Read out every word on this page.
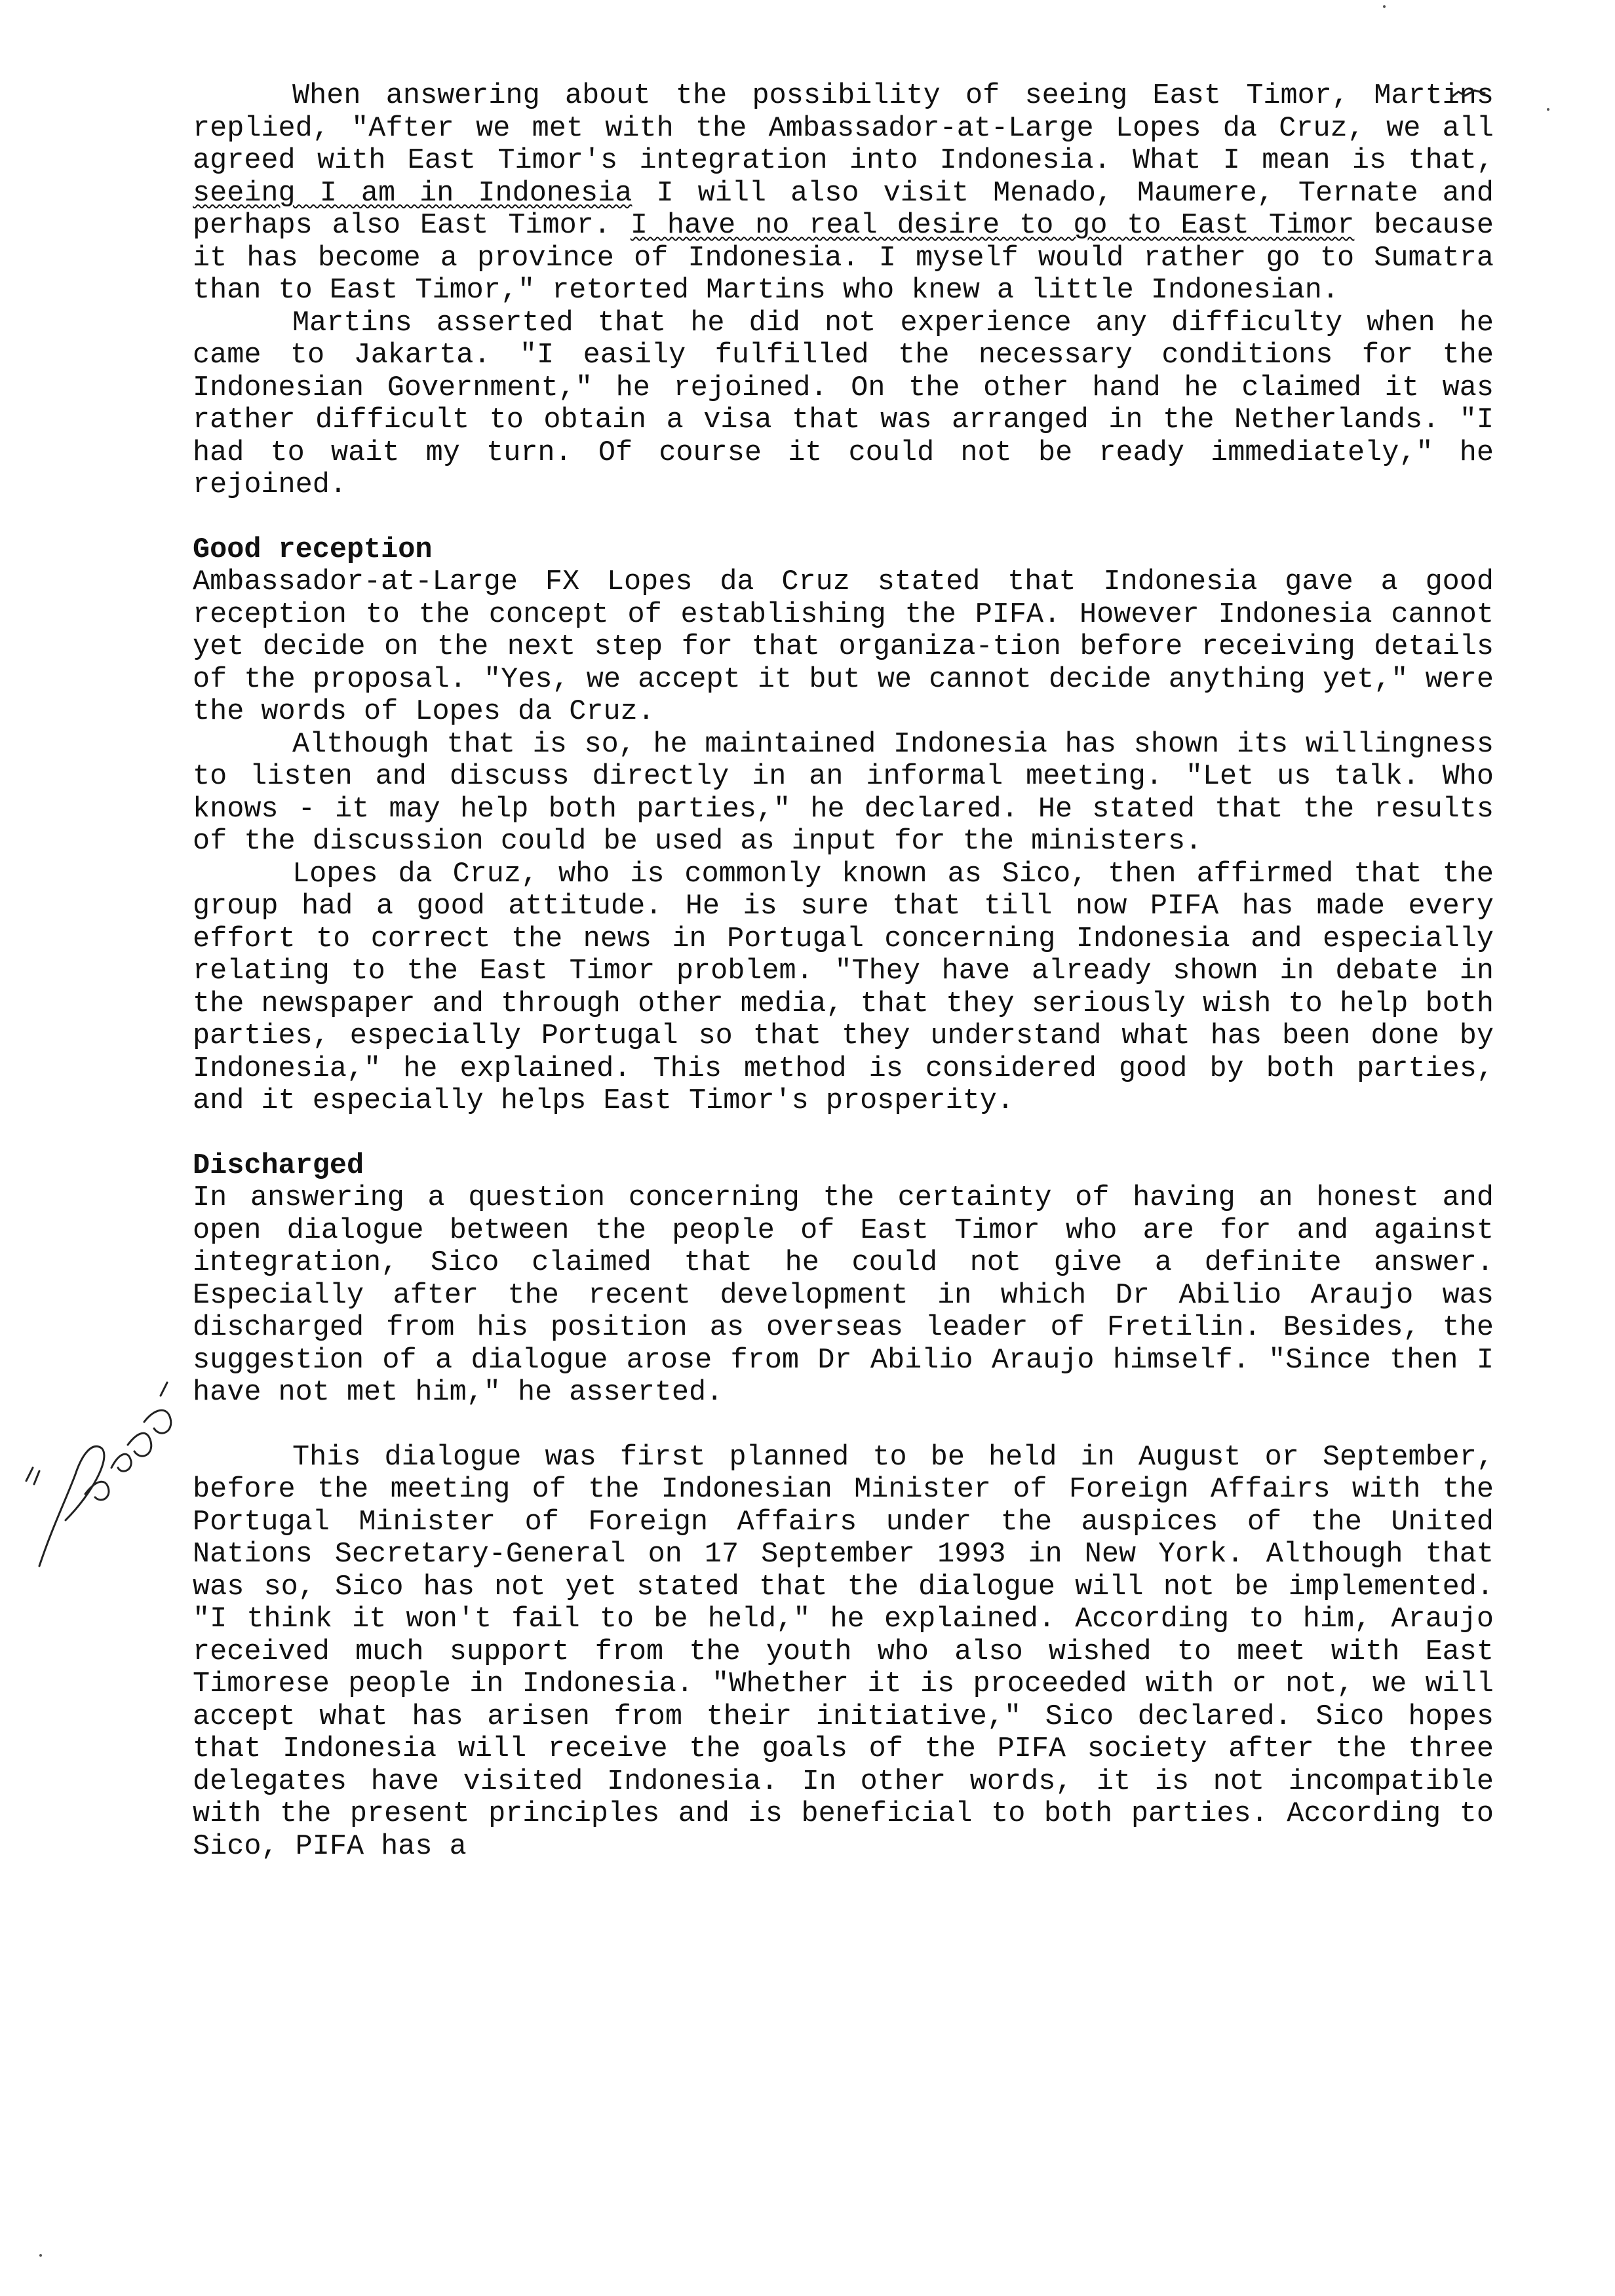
When answering about the possibility of seeing East Timor, Martins replied, "After we met with the Ambassador-at-Large Lopes da Cruz, we all agreed with East Timor's integration into Indonesia. What I mean is that, seeing I am in Indonesia I will also visit Menado, Maumere, Ternate and perhaps also East Timor. I have no real desire to go to East Timor because it has become a province of Indonesia. I myself would rather go to Sumatra than to East Timor," retorted Martins who knew a little Indonesian.

Martins asserted that he did not experience any difficulty when he came to Jakarta. "I easily fulfilled the necessary conditions for the Indonesian Government," he rejoined. On the other hand he claimed it was rather difficult to obtain a visa that was arranged in the Netherlands. "I had to wait my turn. Of course it could not be ready immediately," he rejoined.

Good reception

Ambassador-at-Large FX Lopes da Cruz stated that Indonesia gave a good reception to the concept of establishing the PIFA. However Indonesia cannot yet decide on the next step for that organiza-tion before receiving details of the proposal. "Yes, we accept it but we cannot decide anything yet," were the words of Lopes da Cruz.

Although that is so, he maintained Indonesia has shown its willingness to listen and discuss directly in an informal meeting. "Let us talk. Who knows - it may help both parties," he declared. He stated that the results of the discussion could be used as input for the ministers.

Lopes da Cruz, who is commonly known as Sico, then affirmed that the group had a good attitude. He is sure that till now PIFA has made every effort to correct the news in Portugal concerning Indonesia and especially relating to the East Timor problem. "They have already shown in debate in the newspaper and through other media, that they seriously wish to help both parties, especially Portugal so that they understand what has been done by Indonesia," he explained. This method is considered good by both parties, and it especially helps East Timor's prosperity.

Discharged

In answering a question concerning the certainty of having an honest and open dialogue between the people of East Timor who are for and against integration, Sico claimed that he could not give a definite answer. Especially after the recent development in which Dr Abilio Araujo was discharged from his position as overseas leader of Fretilin. Besides, the suggestion of a dialogue arose from Dr Abilio Araujo himself. "Since then I have not met him," he asserted.

This dialogue was first planned to be held in August or September, before the meeting of the Indonesian Minister of Foreign Affairs with the Portugal Minister of Foreign Affairs under the auspices of the United Nations Secretary-General on 17 September 1993 in New York. Although that was so, Sico has not yet stated that the dialogue will not be implemented. "I think it won't fail to be held," he explained. According to him, Araujo received much support from the youth who also wished to meet with East Timorese people in Indonesia. "Whether it is proceeded with or not, we will accept what has arisen from their initiative," Sico declared. Sico hopes that Indonesia will receive the goals of the PIFA society after the three delegates have visited Indonesia. In other words, it is not incompatible with the present principles and is beneficial to both parties. According to Sico, PIFA has a
